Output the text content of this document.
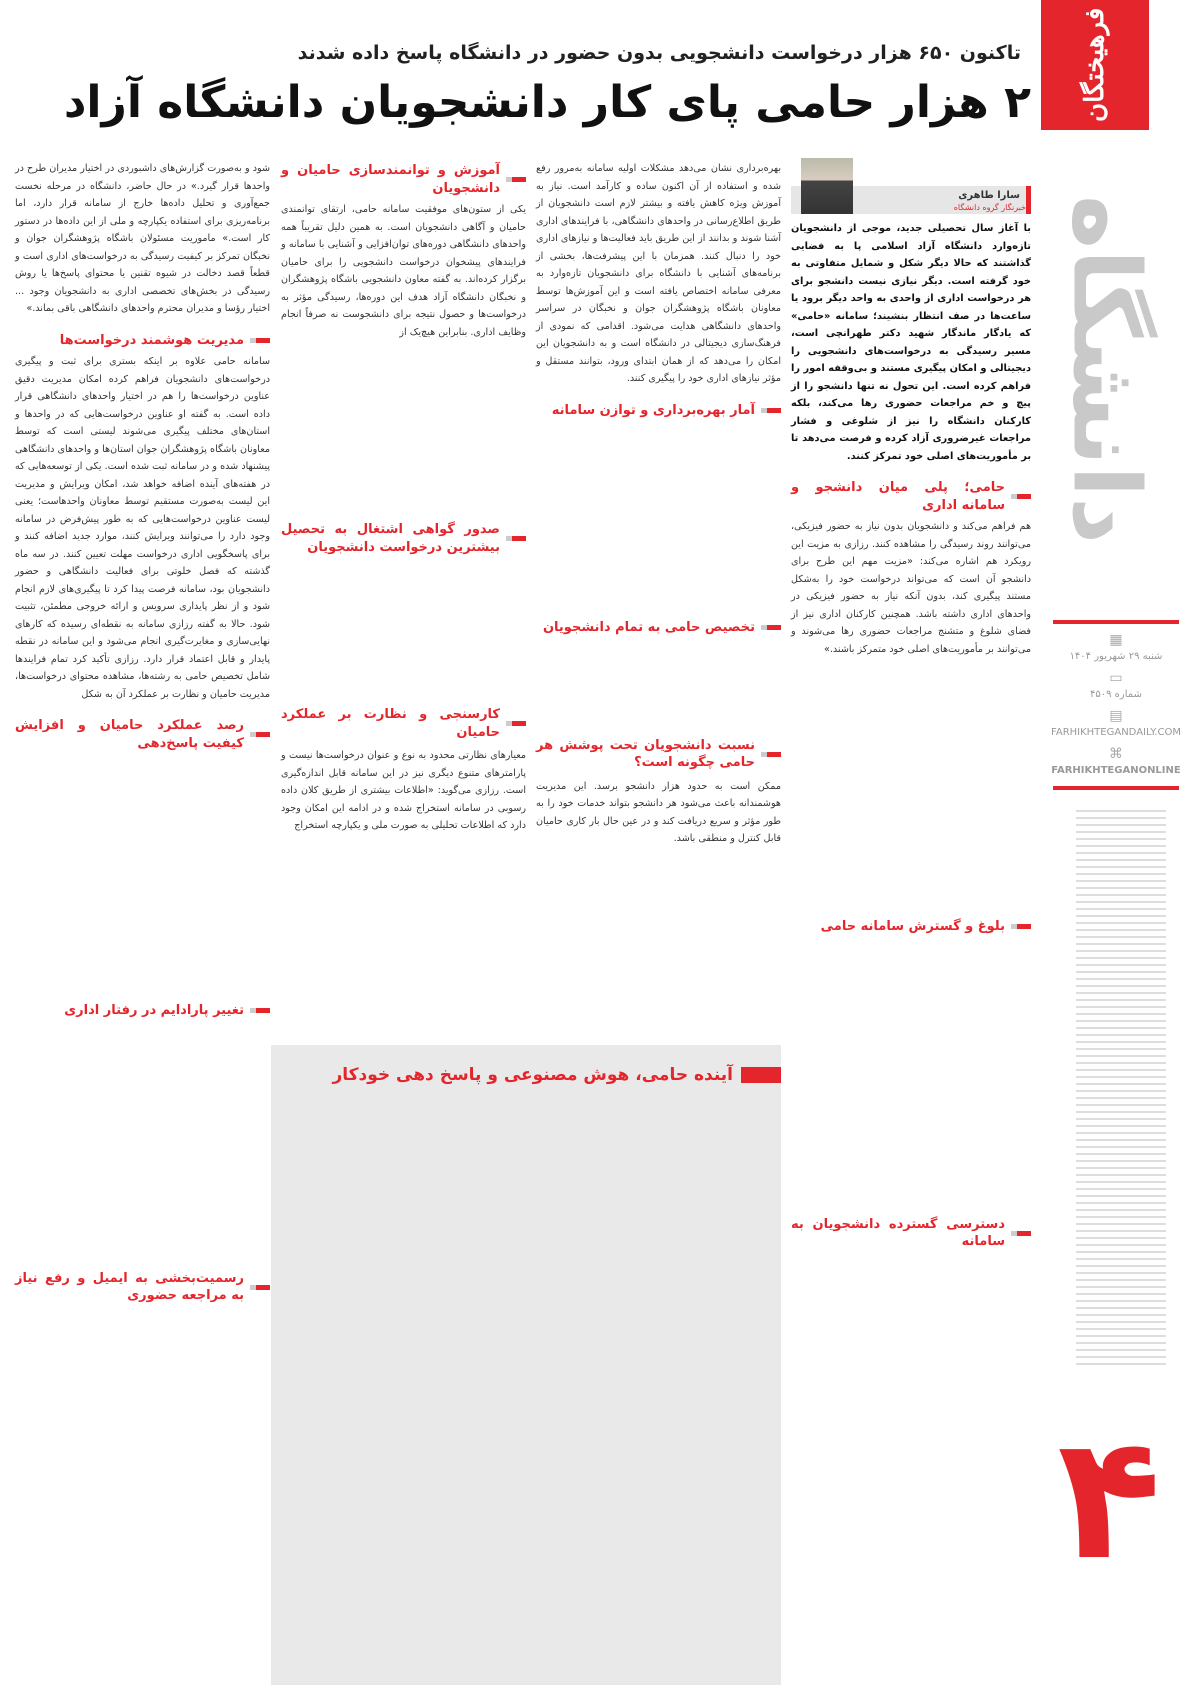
فرهیختگان
دانشگاه
▦
شنبه ۲۹ شهریور ۱۴۰۴
▭
شماره ۴۵۰۹
▤
FARHIKHTEGANDAILY.COM
⌘
FARHIKHTEGANONLINE
۴
تاکنون ۶۵۰ هزار درخواست دانشجویی بدون حضور در دانشگاه پاسخ داده شدند
۲ هزار حامی پای کار دانشجویان دانشگاه آزاد
سارا طاهری
خبرنگار گروه دانشگاه

با آغاز سال تحصیلی جدید، موجی از دانشجویان تازه‌وارد دانشگاه آزاد اسلامی پا به فضایی گذاشتند که حالا دیگر شکل و شمایل متفاوتی به خود گرفته است. دیگر نیازی نیست دانشجو برای هر درخواست اداری از واحدی به واحد دیگر برود یا ساعت‌ها در صف انتظار بنشیند؛ سامانه «حامی» که یادگار ماندگار شهید دکتر طهرانچی است، مسیر رسیدگی به درخواست‌های دانشجویی را دیجیتالی و امکان پیگیری مستند و بی‌وقفه امور را فراهم کرده است. این تحول نه تنها دانشجو را از پیچ و خم مراجعات حضوری رها می‌کند، بلکه کارکنان دانشگاه را نیز از شلوغی و فشار مراجعات غیرضروری آزاد کرده و فرصت می‌دهد تا بر مأموریت‌های اصلی خود تمرکز کنند.

حامی؛ پلی میان دانشجو و سامانه اداری

هم فراهم می‌کند و دانشجویان بدون نیاز به حضور فیزیکی، می‌توانند روند رسیدگی را مشاهده کنند. رزازی به مزیت این رویکرد هم اشاره می‌کند: «مزیت مهم این طرح برای دانشجو آن است که می‌تواند درخواست خود را به‌شکل مستند پیگیری کند، بدون آنکه نیاز به حضور فیزیکی در واحدهای اداری داشته باشد. همچنین کارکنان اداری نیز از فضای شلوغ و متشنج مراجعات حضوری رها می‌شوند و می‌توانند بر مأموریت‌های اصلی خود متمرکز باشند.»

بلوغ و گسترش سامانه حامی
دسترسی گسترده دانشجویان به سامانه

بهره‌برداری نشان می‌دهد مشکلات اولیه سامانه به‌مرور رفع شده و استفاده از آن اکنون ساده و کارآمد است. نیاز به آموزش ویژه کاهش یافته و بیشتر لازم است دانشجویان از طریق اطلاع‌رسانی در واحدهای دانشگاهی، با فرایندهای اداری آشنا شوند و بدانند از این طریق باید فعالیت‌ها و نیازهای اداری خود را دنبال کنند. همزمان با این پیشرفت‌ها، بخشی از برنامه‌های آشنایی با دانشگاه برای دانشجویان تازه‌وارد به معرفی سامانه اختصاص یافته است و این آموزش‌ها توسط معاونان باشگاه پژوهشگران جوان و نخبگان در سراسر واحدهای دانشگاهی هدایت می‌شود. اقدامی که نمودی از فرهنگ‌سازی دیجیتالی در دانشگاه است و به دانشجویان این امکان را می‌دهد که از همان ابتدای ورود، بتوانند مستقل و مؤثر نیازهای اداری خود را پیگیری کنند.

آمار بهره‌برداری و توازن سامانه
تخصیص حامی به تمام دانشجویان
نسبت دانشجویان تحت پوشش هر حامی چگونه است؟

ممکن است به حدود هزار دانشجو برسد. این مدیریت هوشمندانه باعث می‌شود هر دانشجو بتواند خدمات خود را به طور مؤثر و سریع دریافت کند و در عین حال بار کاری حامیان قابل کنترل و منطقی باشد.

آموزش و توانمندسازی حامیان و دانشجویان

یکی از ستون‌های موفقیت سامانه حامی، ارتقای توانمندی حامیان و آگاهی دانشجویان است. به همین دلیل تقریباً همه واحدهای دانشگاهی دوره‌های توان‌افزایی و آشنایی با سامانه و فرایندهای پیشخوان درخواست دانشجویی را برای حامیان برگزار کرده‌اند. به گفته معاون دانشجویی باشگاه پژوهشگران و نخبگان دانشگاه آزاد هدف این دوره‌ها، رسیدگی مؤثر به درخواست‌ها و حصول نتیجه برای دانشجوست نه صرفاً انجام وظایف اداری. بنابراین هیچ‌یک از

صدور گواهی اشتغال به تحصیل بیشترین درخواست دانشجویان
کارسنجی و نظارت بر عملکرد حامیان

معیارهای نظارتی محدود به نوع و عنوان درخواست‌ها نیست و پارامترهای متنوع دیگری نیز در این سامانه قابل اندازه‌گیری است. رزازی می‌گوید: «اطلاعات بیشتری از طریق کلان داده رسوبی در سامانه استخراج شده و در ادامه این امکان وجود دارد که اطلاعات تحلیلی به صورت ملی و یکپارچه استخراج

شود و به‌صورت گزارش‌های داشبوردی در اختیار مدیران طرح در واحدها قرار گیرد.» در حال حاضر، دانشگاه در مرحله نخست جمع‌آوری و تحلیل داده‌ها خارج از سامانه قرار دارد، اما برنامه‌ریزی برای استفاده یکپارچه و ملی از این داده‌ها در دستور کار است.» ماموریت مسئولان باشگاه پژوهشگران جوان و نخبگان تمرکز بر کیفیت رسیدگی به درخواست‌های اداری است و قطعاً قصد دخالت در شیوه تقنین یا محتوای پاسخ‌ها یا روش رسیدگی در بخش‌های تخصصی اداری به دانشجویان وجود ... اختیار رؤسا و مدیران محترم واحدهای دانشگاهی باقی بماند.»

مدیریت هوشمند درخواست‌ها

سامانه حامی علاوه بر اینکه بستری برای ثبت و پیگیری درخواست‌های دانشجویان فراهم کرده امکان مدیریت دقیق عناوین درخواست‌ها را هم در اختیار واحدهای دانشگاهی قرار داده است. به گفته او عناوین درخواست‌هایی که در واحدها و استان‌های مختلف پیگیری می‌شوند لیستی است که توسط معاونان باشگاه پژوهشگران جوان استان‌ها و واحدهای دانشگاهی پیشنهاد شده و در سامانه ثبت شده است. یکی از توسعه‌هایی که در هفته‌های آینده اضافه خواهد شد، امکان ویرایش و مدیریت این لیست به‌صورت مستقیم توسط معاونان واحدهاست؛ یعنی لیست عناوین درخواست‌هایی که به طور پیش‌فرض در سامانه وجود دارد را می‌توانند ویرایش کنند، موارد جدید اضافه کنند و برای پاسخگویی اداری درخواست مهلت تعیین کنند. در سه ماه گذشته که فصل خلوتی برای فعالیت دانشگاهی و حضور دانشجویان بود، سامانه فرصت پیدا کرد تا پیگیری‌های لازم انجام شود و از نظر پایداری سرویس و ارائه خروجی مطمئن، تثبیت شود. حالا به گفته رزازی سامانه به نقطه‌ای رسیده که کارهای نهایی‌سازی و مغایرت‌گیری انجام می‌شود و این سامانه در نقطه پایدار و قابل اعتماد قرار دارد. رزازی تأکید کرد تمام فرایندها شامل تخصیص حامی به رشته‌ها، مشاهده محتوای درخواست‌ها، مدیریت حامیان و نظارت بر عملکرد آن به شکل

رصد عملکرد حامیان و افزایش کیفیت پاسخ‌دهی
تغییر پارادایم در رفتار اداری
رسمیت‌بخشی به ایمیل و رفع نیاز به مراجعه حضوری
آینده حامی، هوش مصنوعی و پاسخ دهی خودکار
